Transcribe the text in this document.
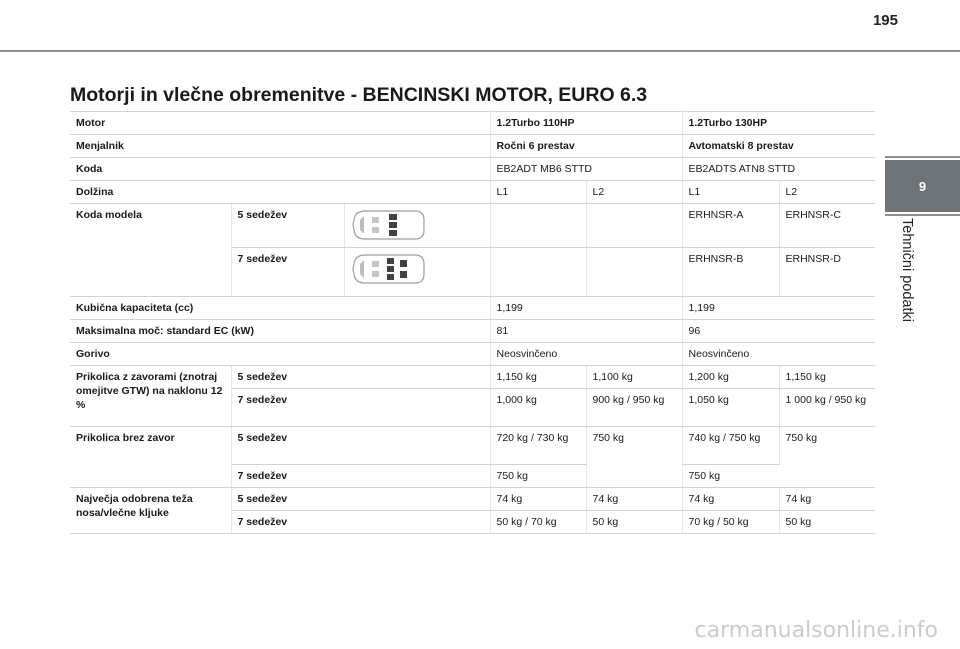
195
Motorji in vlečne obremenitve - BENCINSKI MOTOR, EURO 6.3
9
Tehnični podatki
Motor			1.2Turbo 110HP		1.2Turbo 130HP	
Menjalnik			Ročni 6 prestav		Avtomatski 8 prestav	
Koda			EB2ADT MB6 STTD		EB2ADTS ATN8 STTD	
Dolžina			L1	L2	L1	L2
Koda modela	5 sedežev				ERHNSR-A	ERHNSR-C
	7 sedežev				ERHNSR-B	ERHNSR-D
Kubična kapaciteta (cc)			1,199		1,199	
Maksimalna moč: standard EC (kW)			81		96	
Gorivo			Neosvinčeno		Neosvinčeno	
Prikolica z zavorami (znotraj omejitve GTW) na naklonu 12 %	5 sedežev		1,150 kg	1,100 kg	1,200 kg	1,150 kg
	7 sedežev		1,000 kg	900 kg / 950 kg	1,050 kg	1 000 kg / 950 kg
Prikolica brez zavor	5 sedežev		720 kg / 730 kg	750 kg	740 kg / 750 kg	750 kg
	7 sedežev		750 kg		750 kg	
Največja odobrena teža nosa/vlečne kljuke	5 sedežev		74 kg	74 kg	74 kg	74 kg
	7 sedežev		50 kg / 70 kg	50 kg	70 kg / 50 kg	50 kg
carmanualsonline.info
